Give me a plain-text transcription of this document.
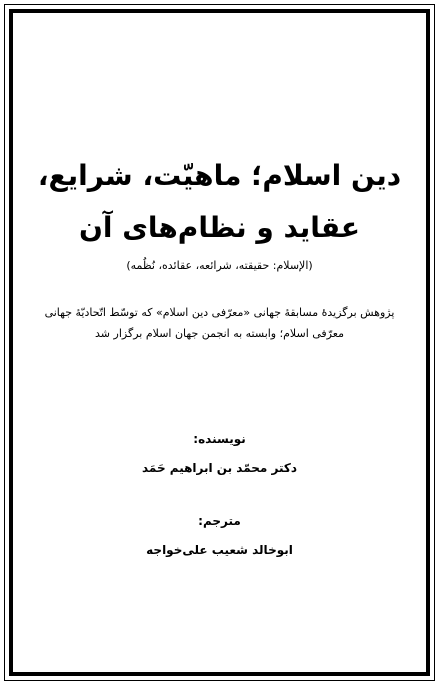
دین اسلام؛ ماهیّت، شرایع، عقاید و نظام‌های آن

(الإسلام: حقیقته، شرائعه، عقائده، نُظُمه)

پژوهش برگزیدهٔ مسابقهٔ جهانی «معرّفی دین اسلام» که توسّط اتّحادیّهٔ جهانی معرّفی اسلام؛ وابسته به انجمن جهان اسلام برگزار شد

نویسنده:

دکتر محمّد بن ابراهیم حَمَد

مترجم:

ابوخالد شعیب علی‌خواجه
